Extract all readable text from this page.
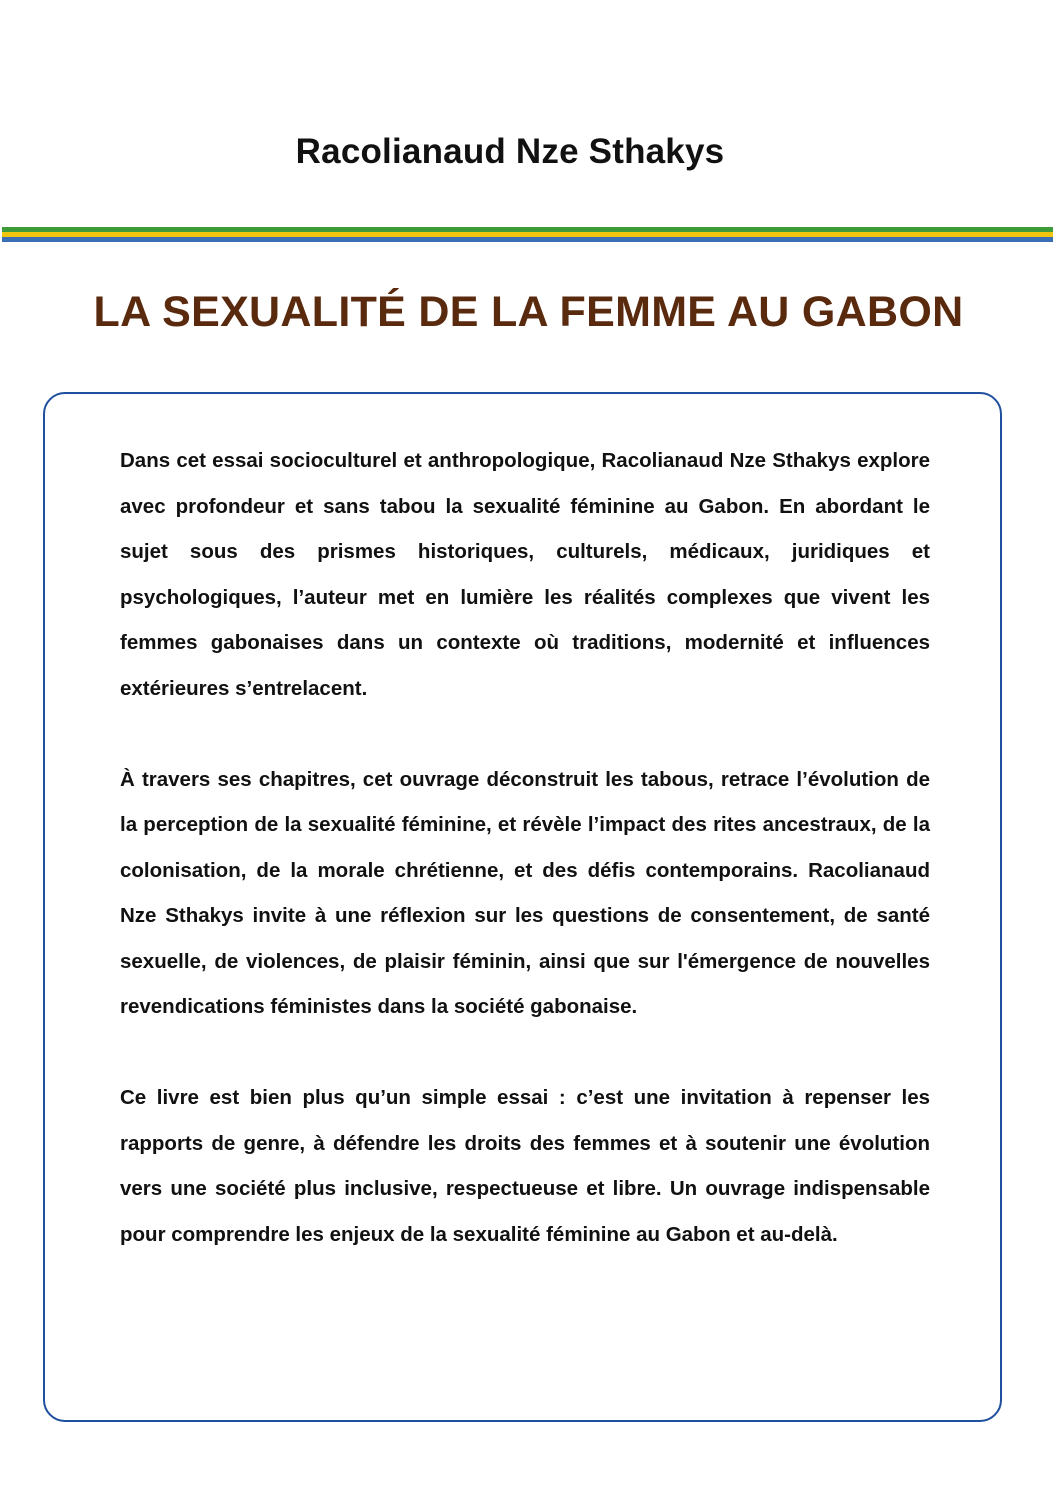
Racolianaud Nze Sthakys
LA SEXUALITÉ DE LA FEMME AU GABON

Dans cet essai socioculturel et anthropologique, Racolianaud Nze Sthakys explore avec profondeur et sans tabou la sexualité féminine au Gabon. En abordant le sujet sous des prismes historiques, culturels, médicaux, juridiques et psychologiques, l’auteur met en lumière les réalités complexes que vivent les femmes gabonaises dans un contexte où traditions, modernité et influences extérieures s’entrelacent.

À travers ses chapitres, cet ouvrage déconstruit les tabous, retrace l’évolution de la perception de la sexualité féminine, et révèle l’impact des rites ancestraux, de la colonisation, de la morale chrétienne, et des défis contemporains. Racolianaud Nze Sthakys invite à une réflexion sur les questions de consentement, de santé sexuelle, de violences, de plaisir féminin, ainsi que sur l'émergence de nouvelles revendications féministes dans la société gabonaise.

Ce livre est bien plus qu’un simple essai : c’est une invitation à repenser les rapports de genre, à défendre les droits des femmes et à soutenir une évolution vers une société plus inclusive, respectueuse et libre. Un ouvrage indispensable pour comprendre les enjeux de la sexualité féminine au Gabon et au-delà.
